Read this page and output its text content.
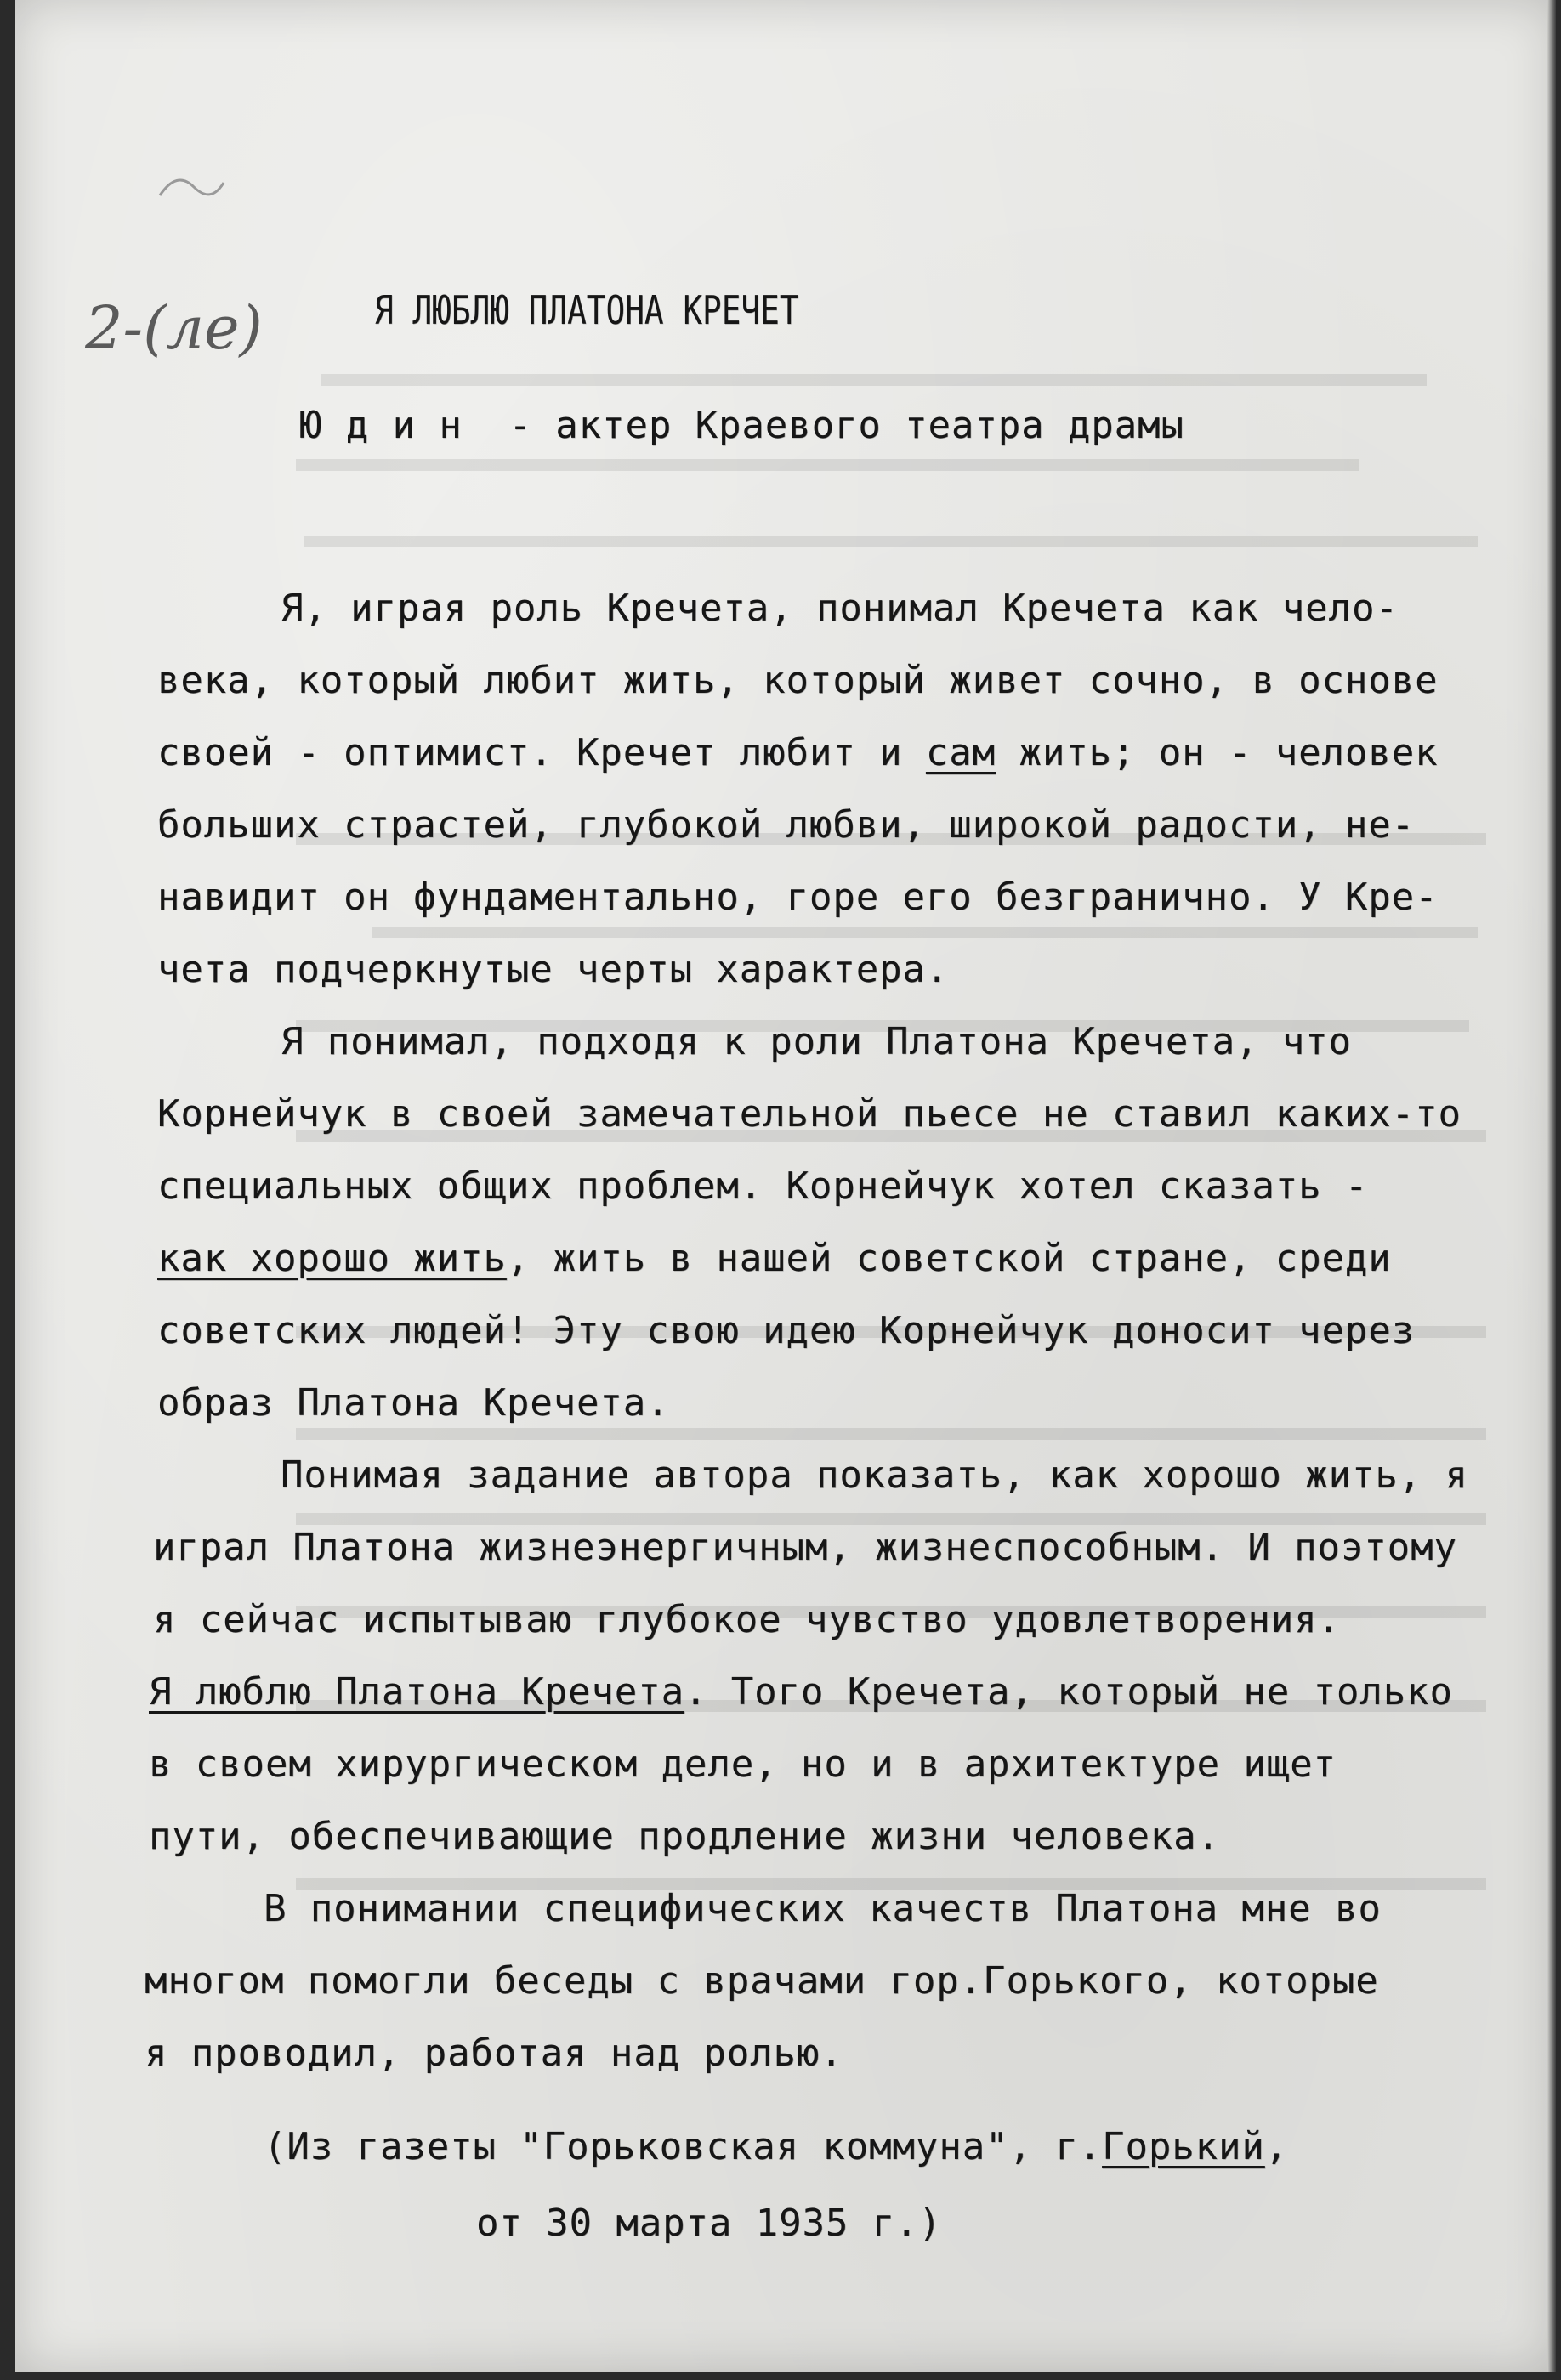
2-(ле)	Я ЛЮБЛЮ ПЛАТОНА КРЕЧЕТ
Ю д и н  - актер Краевого театра драмы
Я, играя роль Кречета, понимал Кречета как чело-
века, который любит жить, который живет сочно, в основе
своей - оптимист. Кречет любит и сам жить; он - человек
больших страстей, глубокой любви, широкой радости, не-
навидит он фундаментально, горе его безгранично. У Кре-
чета подчеркнутые черты характера.
Я понимал, подходя к роли Платона Кречета, что
Корнейчук в своей замечательной пьесе не ставил каких-то
специальных общих проблем. Корнейчук хотел сказать -
как хорошо жить, жить в нашей советской стране, среди
советских людей! Эту свою идею Корнейчук доносит через
образ Платона Кречета.
Понимая задание автора показать, как хорошо жить, я
играл Платона жизнеэнергичным, жизнеспособным. И поэтому
я сейчас испытываю глубокое чувство удовлетворения.
Я люблю Платона Кречета. Того Кречета, который не только
в своем хирургическом деле, но и в архитектуре ищет
пути, обеспечивающие продление жизни человека.
В понимании специфических качеств Платона мне во
многом помогли беседы с врачами гор.Горького, которые
я проводил, работая над ролью.
(Из газеты "Горьковская коммуна", г.Горький,
от 30 марта 1935 г.)
